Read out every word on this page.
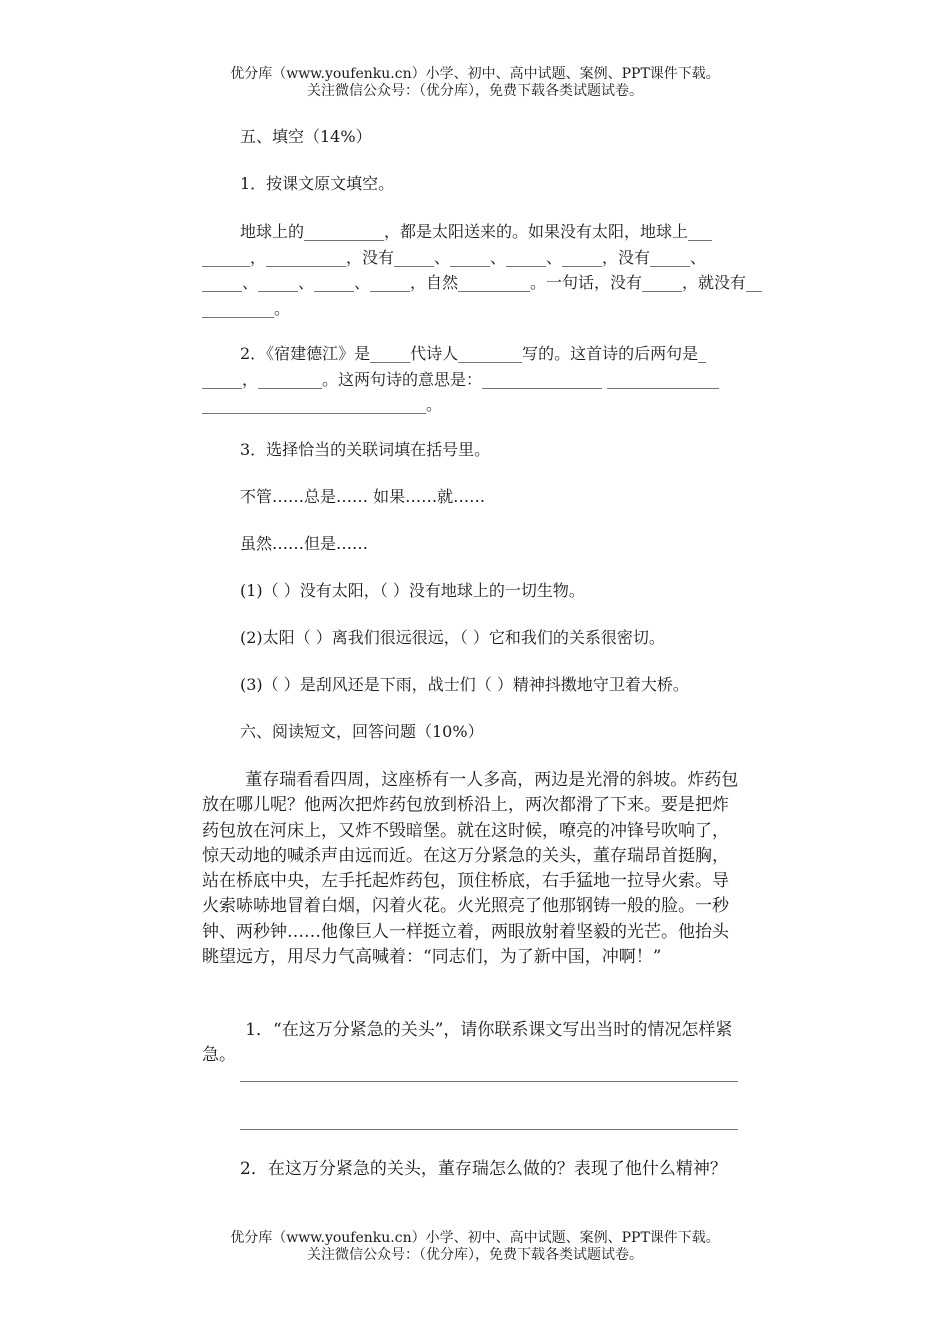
优分库（www.youfenku.cn）小学、初中、高中试题、案例、PPT课件下载。
关注微信公众号：（优分库），免费下载各类试题试卷。
五、填空（14%）
1．按课文原文填空。
地球上的__________，都是太阳送来的。如果没有太阳，地球上___
______，__________，没有_____、_____、_____、_____，没有_____、
_____、_____、_____、_____，自然_________。一句话，没有_____，就没有__
_________。
2．《宿建德江》是_____代诗人________写的。这首诗的后两句是_
_____，________。这两句诗的意思是：_______________ ______________
____________________________。
3．选择恰当的关联词填在括号里。
不管……总是…… 如果……就……
虽然……但是……
(1)（ ）没有太阳，（ ）没有地球上的一切生物。
(2)太阳（ ）离我们很远很远，（ ）它和我们的关系很密切。
(3)（ ）是刮风还是下雨，战士们（ ）精神抖擞地守卫着大桥。
六、阅读短文，回答问题（10%）
董存瑞看看四周，这座桥有一人多高，两边是光滑的斜坡。炸药包
放在哪儿呢？他两次把炸药包放到桥沿上，两次都滑了下来。要是把炸
药包放在河床上，又炸不毁暗堡。就在这时候，嘹亮的冲锋号吹响了，
惊天动地的喊杀声由远而近。在这万分紧急的关头，董存瑞昂首挺胸，
站在桥底中央，左手托起炸药包，顶住桥底，右手猛地一拉导火索。导
火索哧哧地冒着白烟，闪着火花。火光照亮了他那钢铸一般的脸。一秒
钟、两秒钟……他像巨人一样挺立着，两眼放射着坚毅的光芒。他抬头
眺望远方，用尽力气高喊着：“同志们，为了新中国，冲啊！”
1．“在这万分紧急的关头”，请你联系课文写出当时的情况怎样紧
急。
2．在这万分紧急的关头，董存瑞怎么做的？表现了他什么精神？
优分库（www.youfenku.cn）小学、初中、高中试题、案例、PPT课件下载。
关注微信公众号：（优分库），免费下载各类试题试卷。
